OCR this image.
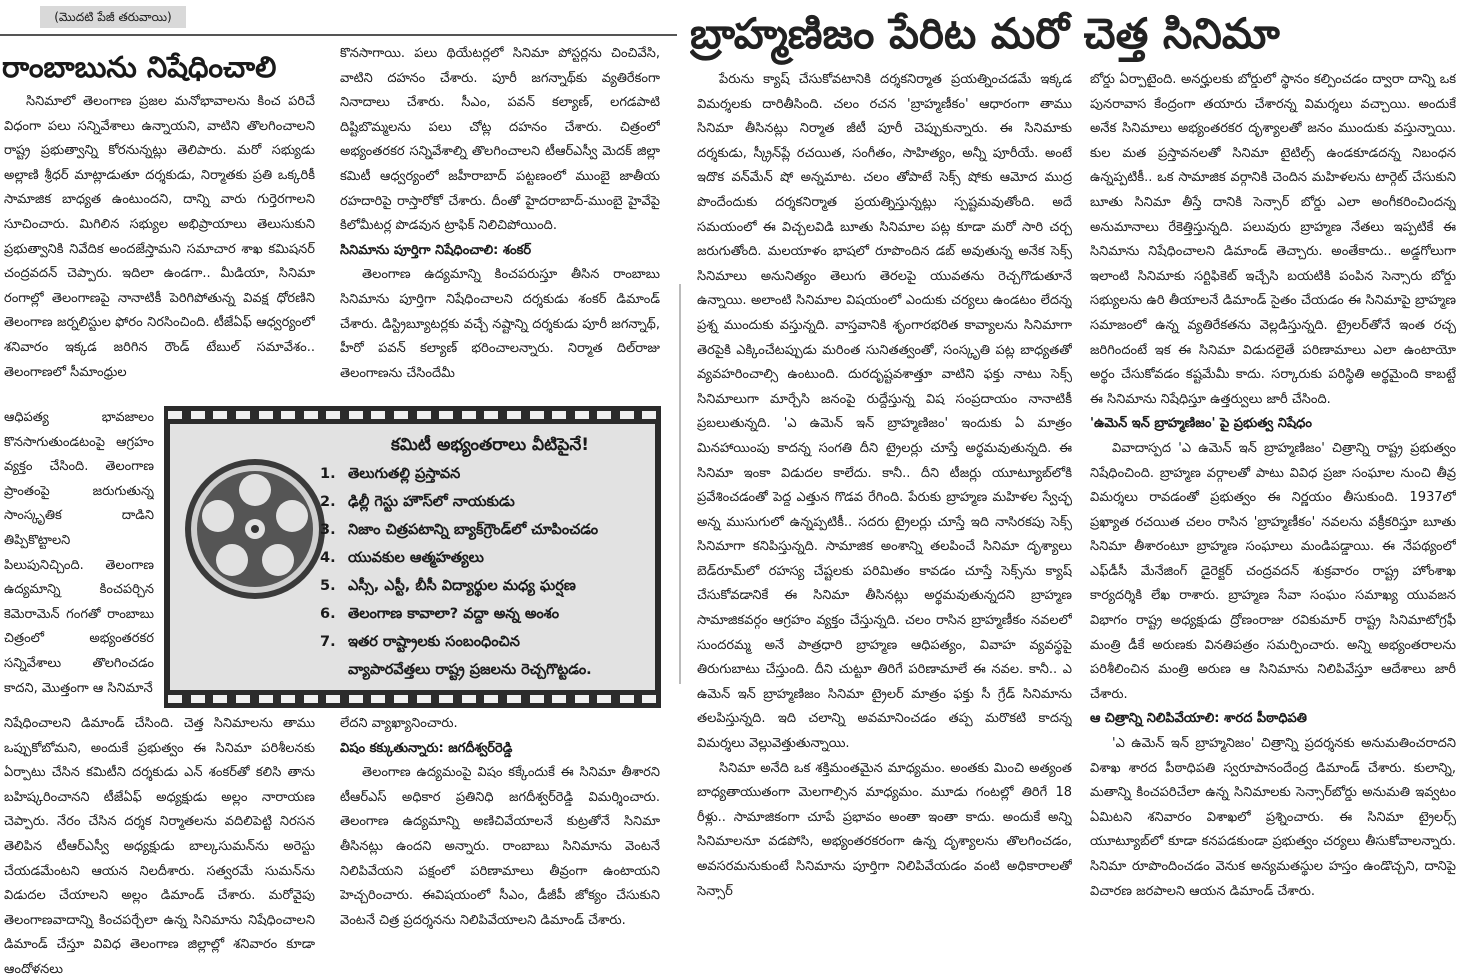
(మొదటి పేజీ తరువాయి)
రాంబాబును నిషేధించాలి
బ్రాహ్మణిజం పేరిట మరో చెత్త సినిమా

సినిమాలో తెలంగాణ ప్రజల మనోభావాలను కించ పరిచే విధంగా పలు సన్నివేశాలు ఉన్నాయని, వాటిని తొలగించాలని రాష్ట్ర ప్రభుత్వాన్ని కోరనున్నట్లు తెలిపారు. మరో సభ్యుడు అల్లాణి శ్రీధర్ మాట్లాడుతూ దర్శకుడు, నిర్మాతకు ప్రతి ఒక్కరికీ సామాజిక బాధ్యత ఉంటుందని, దాన్ని వారు గుర్తెరగాలని సూచించారు. మిగిలిన సభ్యుల అభిప్రాయాలు తెలుసుకుని ప్రభుత్వానికి నివేదిక అందజేస్తామని సమాచార శాఖ కమిషనర్ చంద్రవదన్ చెప్పారు. ఇదిలా ఉండగా.. మీడియా, సినిమా రంగాల్లో తెలంగాణపై నానాటికీ పెరిగిపోతున్న వివక్ష ధోరణిని తెలంగాణ జర్నలిస్టుల ఫోరం నిరసించింది. టీజేఏఫ్ ఆధ్వర్యంలో శనివారం ఇక్కడ జరిగిన రౌండ్ టేబుల్ సమావేశం.. తెలంగాణలో సీమాంధ్రుల

ఆధిపత్య భావజాలం కొనసాగుతుండటంపై ఆగ్రహం వ్యక్తం చేసింది. తెలంగాణ ప్రాంతంపై జరుగుతున్న సాంస్కృతిక దాడిని తిప్పికొట్టాలని పిలుపునిచ్చింది. తెలంగాణ ఉద్యమాన్ని కించపర్చిన కెమెరామెన్ గంగతో రాంబాబు చిత్రంలో అభ్యంతరకర సన్నివేశాలు తొలగించడం కాదని, మొత్తంగా ఆ సినిమానే

నిషేధించాలని డిమాండ్ చేసింది. చెత్త సినిమాలను తాము ఒప్పుకోబోమని, అందుకే ప్రభుత్వం ఈ సినిమా పరిశీలనకు ఏర్పాటు చేసిన కమిటీని దర్శకుడు ఎన్ శంకర్‌తో కలిసి తాను బహిష్కరించానని టీజేఏఫ్ అధ్యక్షుడు అల్లం నారాయణ చెప్పారు. నేరం చేసిన దర్శక నిర్మాతలను వదిలిపెట్టి నిరసన తెలిపిన టీఆర్‌ఎస్వీ అధ్యక్షుడు బాల్కసుమన్‌ను అరెస్టు చేయడమేంటని ఆయన నిలదీశారు. సత్వరమే సుమన్‌ను విడుదల చేయాలని అల్లం డిమాండ్ చేశారు. మరోవైపు తెలంగాణవాదాన్ని కించపర్చేలా ఉన్న సినిమాను నిషేధించాలని డిమాండ్ చేస్తూ వివిధ తెలంగాణ జిల్లాల్లో శనివారం కూడా ఆందోళనలు

కొనసాగాయి. పలు థియేటర్లలో సినిమా పోస్టర్లను చించివేసి, వాటిని దహనం చేశారు. పూరీ జగన్నాథ్‌కు వ్యతిరేకంగా నినాదాలు చేశారు. సీఎం, పవన్ కల్యాణ్, లగడపాటి దిష్టిబొమ్మలను పలు చోట్ల దహనం చేశారు. చిత్రంలో అభ్యంతరకర సన్నివేశాల్ని తొలగించాలని టీఆర్‌ఎస్వీ మెదక్ జిల్లా కమిటీ ఆధ్వర్యంలో జహీరాబాద్ పట్టణంలో ముంబై జాతీయ రహదారిపై రాస్తారోకో చేశారు. దీంతో హైదరాబాద్-ముంబై హైవేపై కిలోమీటర్ల పొడవున ట్రాఫిక్ నిలిచిపోయింది.

సినిమాను పూర్తిగా నిషేధించాలి: శంకర్

తెలంగాణ ఉద్యమాన్ని కించపరుస్తూ తీసిన రాంబాబు సినిమాను పూర్తిగా నిషేధించాలని దర్శకుడు శంకర్ డిమాండ్ చేశారు. డిస్ట్రిబ్యూటర్లకు వచ్చే నష్టాన్ని దర్శకుడు పూరీ జగన్నాథ్, హీరో పవన్ కల్యాణ్ భరించాలన్నారు. నిర్మాత దిల్‌రాజు తెలంగాణను చేసిందేమీ

లేదని వ్యాఖ్యానించారు.

విషం కక్కుతున్నారు: జగదీశ్వర్‌రెడ్డి

తెలంగాణ ఉద్యమంపై విషం కక్కేందుకే ఈ సినిమా తీశారని టీఆర్‌ఎస్ అధికార ప్రతినిధి జగదీశ్వర్‌రెడ్డి విమర్శించారు. తెలంగాణ ఉద్యమాన్ని అణిచివేయాలనే కుట్రతోనే సినిమా తీసినట్లు ఉందని అన్నారు. రాంబాబు సినిమాను వెంటనే నిలిపివేయని పక్షంలో పరిణామాలు తీవ్రంగా ఉంటాయని హెచ్చరించారు. ఈవిషయంలో సీఎం, డీజీపీ జోక్యం చేసుకుని వెంటనే చిత్ర ప్రదర్శనను నిలిపివేయాలని డిమాండ్ చేశారు.

కమిటీ అభ్యంతరాలు వీటిపైనే!
1. తెలుగుతల్లి ప్రస్తావన
2. ఢిల్లీ గెస్టు హౌస్‌లో నాయకుడు
3. నిజాం చిత్రపటాన్ని బ్యాక్‌గ్రౌండ్‌లో చూపించడం
4. యువకుల ఆత్మహత్యలు
5. ఎస్సీ, ఎస్టీ, బీసీ విద్యార్థుల మధ్య ఘర్షణ
6. తెలంగాణ కావాలా? వద్దా అన్న అంశం
7. ఇతర రాష్ట్రాలకు సంబంధించిన
వ్యాపారవేత్తలు రాష్ట్ర ప్రజలను రెచ్చగొట్టడం.

పేరును క్యాష్ చేసుకోవటానికి దర్శకనిర్మాత ప్రయత్నించడమే ఇక్కడ విమర్శలకు దారితీసింది. చలం రచన 'బ్రాహ్మణీకం' ఆధారంగా తాము సినిమా తీసినట్లు నిర్మాత జీటీ పూరీ చెప్పుకున్నారు. ఈ సినిమాకు దర్శకుడు, స్క్రీన్‌ప్లే రచయిత, సంగీతం, సాహిత్యం, అన్నీ పూరీయే. అంటే ఇదొక వన్‌మేన్ షో అన్నమాట. చలం తోపాటే సెక్స్ షోకు ఆమోద ముద్ర పొందేందుకు దర్శకనిర్మాత ప్రయత్నిస్తున్నట్లు స్పష్టమవుతోంది. అదే సమయంలో ఈ విచ్చలవిడి బూతు సినిమాల పట్ల కూడా మరో సారి చర్చ జరుగుతోంది. మలయాళం భాషలో రూపొందిన డబ్ అవుతున్న అనేక సెక్స్ సినిమాలు అనునిత్యం తెలుగు తెరలపై యువతను రెచ్చగొడుతూనే ఉన్నాయి. అలాంటి సినిమాల విషయంలో ఎందుకు చర్యలు ఉండటం లేదన్న ప్రశ్న ముందుకు వస్తున్నది. వాస్తవానికి శృంగారభరిత కావ్యాలను సినిమాగా తెరపైకి ఎక్కించేటప్పుడు మరింత సునితత్వంతో, సంస్కృతి పట్ల బాధ్యతతో వ్యవహరించాల్సి ఉంటుంది. దురదృష్టవశాత్తూ వాటిని ఫక్తు నాటు సెక్స్ సినిమాలుగా మార్చేసి జనంపై రుద్దేస్తున్న విష సంప్రదాయం నానాటికీ ప్రబలుతున్నది. 'ఎ ఉమెన్ ఇన్ బ్రాహ్మణిజం' ఇందుకు ఏ మాత్రం మినహాయింపు కాదన్న సంగతి దీని ట్రైలర్లు చూస్తే అర్థమవుతున్నది. ఈ సినిమా ఇంకా విడుదల కాలేదు. కానీ.. దీని టీజర్లు యూట్యూబ్‌లోకి ప్రవేశించడంతో పెద్ద ఎత్తున గొడవ రేగింది. పేరుకు బ్రాహ్మణ మహిళల స్వేచ్ఛ అన్న ముసుగులో ఉన్నప్పటికీ.. సదరు ట్రైలర్లు చూస్తే ఇది నాసిరకపు సెక్స్ సినిమాగా కనిపిస్తున్నది. సామాజిక అంశాన్ని తలపించే సినిమా దృశ్యాలు బెడ్‌రూమ్‌లో రహస్య చేష్టలకు పరిమితం కావడం చూస్తే సెక్స్‌ను క్యాష్ చేసుకోవడానికే ఈ సినిమా తీసినట్లు అర్థమవుతున్నదని బ్రాహ్మణ సామాజికవర్గం ఆగ్రహం వ్యక్తం చేస్తున్నది. చలం రాసిన బ్రాహ్మణీకం నవలలో సుందరమ్మ అనే పాత్రధారి బ్రాహ్మణ ఆధిపత్యం, వివాహ వ్యవస్థపై తిరుగుబాటు చేస్తుంది. దీని చుట్టూ తిరిగే పరిణామాలే ఈ నవల. కానీ.. ఎ ఉమెన్ ఇన్ బ్రాహ్మణిజం సినిమా ట్రైలర్ మాత్రం ఫక్తు సీ గ్రేడ్ సినిమాను తలపిస్తున్నది. ఇది చలాన్ని అవమానించడం తప్ప మరొకటి కాదన్న విమర్శలు వెల్లువెత్తుతున్నాయి.

సినిమా అనేది ఒక శక్తిమంతమైన మాధ్యమం. అంతకు మించి అత్యంత బాధ్యతాయుతంగా మెలగాల్సిన మాధ్యమం. మూడు గంటల్లో తిరిగే 18 రీళ్లు.. సామాజికంగా చూపే ప్రభావం అంతా ఇంతా కాదు. అందుకే అన్ని సినిమాలనూ వడపోసి, అభ్యంతరకరంగా ఉన్న దృశ్యాలను తొలగించడం, అవసరమనుకుంటే సినిమాను పూర్తిగా నిలిపివేయడం వంటి అధికారాలతో సెన్సార్

బోర్డు ఏర్పాటైంది. అనర్హులకు బోర్డులో స్థానం కల్పించడం ద్వారా దాన్ని ఒక పునరావాస కేంద్రంగా తయారు చేశారన్న విమర్శలు వచ్చాయి. అందుకే అనేక సినిమాలు అభ్యంతరకర దృశ్యాలతో జనం ముందుకు వస్తున్నాయి. కుల మత ప్రస్తావనలతో సినిమా టైటిల్స్ ఉండకూడదన్న నిబంధన ఉన్నప్పటికీ.. ఒక సామాజిక వర్గానికి చెందిన మహిళలను టార్గెట్ చేసుకుని బూతు సినిమా తీస్తే దానికి సెన్సార్ బోర్డు ఎలా అంగీకరించిందన్న అనుమానాలు రేకెత్తిస్తున్నది. పలువురు బ్రాహ్మణ నేతలు ఇప్పటికే ఈ సినిమాను నిషేధించాలని డిమాండ్ తెచ్చారు. అంతేకాదు.. అడ్డగోలుగా ఇలాంటి సినిమాకు సర్టిఫికెట్ ఇచ్చేసి బయటికి పంపిన సెన్సారు బోర్డు సభ్యులను ఉరి తీయాలనే డిమాండ్ సైతం చేయడం ఈ సినిమాపై బ్రాహ్మణ సమాజంలో ఉన్న వ్యతిరేకతను వెల్లడిస్తున్నది. ట్రైలర్‌తోనే ఇంత రచ్చ జరిగిందంటే ఇక ఈ సినిమా విడుదలైతే పరిణామాలు ఎలా ఉంటాయో అర్థం చేసుకోవడం కష్టమేమీ కాదు. సర్కారుకు పరిస్థితి అర్థమైంది కాబట్టే ఈ సినిమాను నిషేధిస్తూ ఉత్తర్వులు జారీ చేసింది.

'ఉమెన్ ఇన్ బ్రాహ్మణిజం' పై ప్రభుత్వ నిషేధం

వివాదాస్పద 'ఎ ఉమెన్ ఇన్ బ్రాహ్మణిజం' చిత్రాన్ని రాష్ట్ర ప్రభుత్వం నిషేధించింది. బ్రాహ్మణ వర్గాలతో పాటు వివిధ ప్రజా సంఘాల నుంచి తీవ్ర విమర్శలు రావడంతో ప్రభుత్వం ఈ నిర్ణయం తీసుకుంది. 1937లో ప్రఖ్యాత రచయిత చలం రాసిన 'బ్రాహ్మణీకం' నవలను వక్రీకరిస్తూ బూతు సినిమా తీశారంటూ బ్రాహ్మణ సంఘాలు మండిపడ్డాయి. ఈ నేపథ్యంలో ఎఫ్‌డీసీ మేనేజింగ్ డైరెక్టర్ చంద్రవదన్ శుక్రవారం రాష్ట్ర హోంశాఖ కార్యదర్శికి లేఖ రాశారు. బ్రాహ్మణ సేవా సంఘం సమాఖ్య యువజన విభాగం రాష్ట్ర అధ్యక్షుడు ద్రోణంరాజు రవికుమార్ రాష్ట్ర సినిమాటోగ్రఫీ మంత్రి డీకే అరుణకు వినతిపత్రం సమర్పించారు. అన్ని అభ్యంతరాలను పరిశీలించిన మంత్రి అరుణ ఆ సినిమాను నిలిపివేస్తూ ఆదేశాలు జారీ చేశారు.

ఆ చిత్రాన్ని నిలిపివేయాలి: శారద పీఠాధిపతి

'ఎ ఉమెన్ ఇన్ బ్రాహ్మనిజం' చిత్రాన్ని ప్రదర్శనకు అనుమతించరాదని విశాఖ శారద పీఠాధిపతి స్వరూపానందేంద్ర డిమాండ్ చేశారు. కులాన్ని, మతాన్ని కించపరిచేలా ఉన్న సినిమాలకు సెన్సార్‌బోర్డు అనుమతి ఇవ్వటం ఏమిటని శనివారం విశాఖలో ప్రశ్నించారు. ఈ సినిమా ట్రైలర్స్ యూట్యూబ్‌లో కూడా కనపడకుండా ప్రభుత్వం చర్యలు తీసుకోవాలన్నారు. సినిమా రూపొందించడం వెనుక అన్యమతస్థుల హస్తం ఉండొచ్చని, దానిపై విచారణ జరపాలని ఆయన డిమాండ్ చేశారు.
